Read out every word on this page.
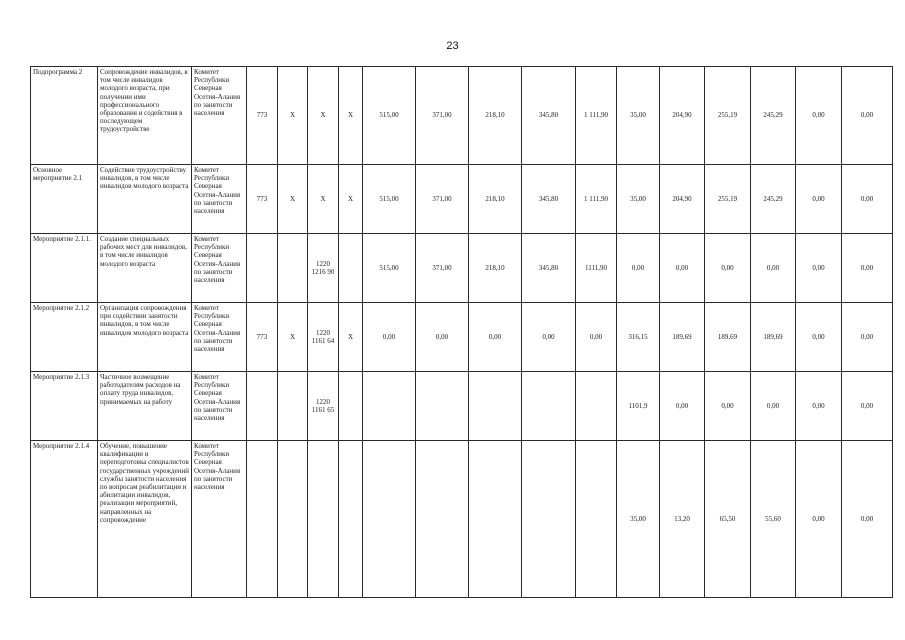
23
Подпрограмма 2	Сопровождение инвалидов, в том числе инвалидов молодого возраста, при получении ими профессионального образования и содействия в последующем трудоустройстве	Комитет Республики Северная Осетия-Алания по занятости населения	773	X	X	X	515,00	371,00	218,10	345,80	1 111,90	35,00	204,90	255,19	245,29	0,00	0,00
Основное мероприятие 2.1	Содействие трудоустройству инвалидов, в том числе инвалидов молодого возраста	Комитет Республики Северная Осетия-Алания по занятости населения	773	X	X	X	515,00	371,00	218,10	345,80	1 111,90	35,00	204,90	255,19	245,29	0,00	0,00
Мероприятие 2.1.1.	Создание специальных рабочих мест для инвалидов, в том числе инвалидов молодого возраста	Комитет Республики Северная Осетия-Алания по занятости населения			1220 1216 90		515,00	371,00	218,10	345,80	1111,90	0,00	0,00	0,00	0,00	0,00	0,00
Мероприятие 2.1.2	Организация сопровождения при содействии занятости инвалидов, в том числе инвалидов молодого возраста	Комитет Республики Северная Осетия-Алания по занятости населения	773	X	1220 1161 64	X	0,00	0,00	0,00	0,00	0,00	316,15	189,69	189,69	189,69	0,00	0,00
Мероприятие 2.1.3	Частичное возмещение работодателям расходов на оплату труда инвалидов, принимаемых на работу	Комитет Республики Северная Осетия-Алания по занятости населения			1220 1161 65							1101,9	0,00	0,00	0,00	0,00	0,00
Мероприятие 2.1.4	Обучение, повышение квалификации и переподготовка специалистов государственных учреждений службы занятости населения по вопросам реабилитации и абилитации инвалидов, реализации мероприятий, направленных на сопровождение	Комитет Республики Северная Осетия-Алания по занятости населения										35,00	13,20	65,50	55,60	0,00	0,00
